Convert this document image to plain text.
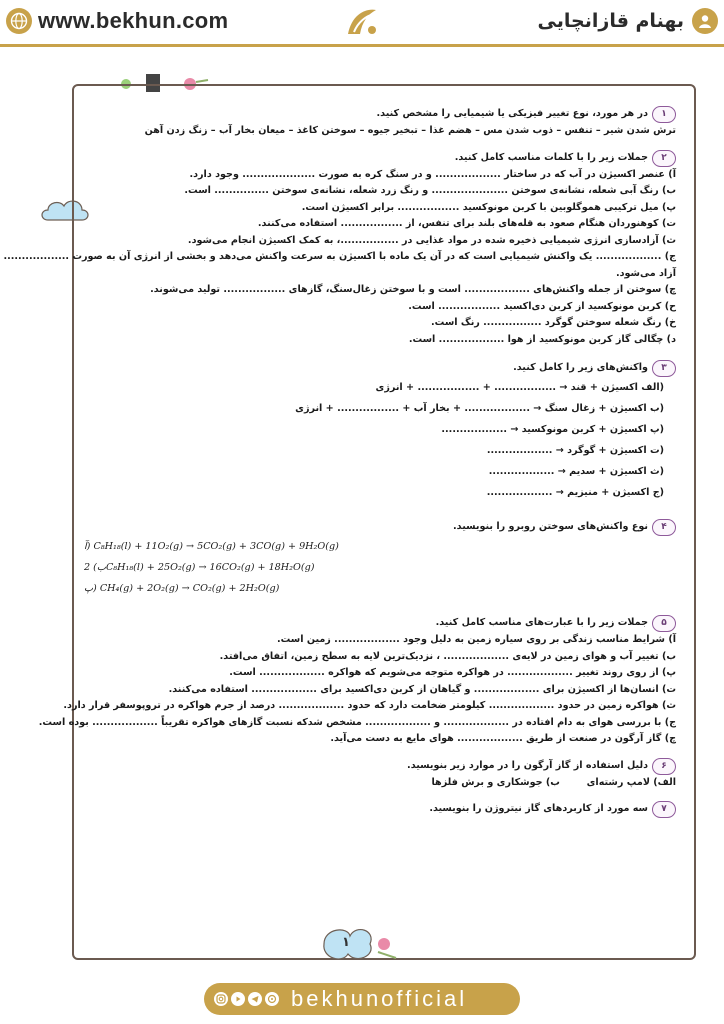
www.bekhun.com	بهنام قازانچایی
۱
در هر مورد، نوع تغییر فیزیکی یا شیمیایی را مشخص کنید.
ترش شدن شیر – تنفس – ذوب شدن مس – هضم غذا – تبخیر جیوه – سوختن کاغذ – میعان بخار آب – زنگ زدن آهن
۲
جملات زیر را با کلمات مناسب کامل کنید.
آ) عنصر اکسیژن در آب که در ساختار .................. و در سنگ کره به صورت .................... وجود دارد.
ب) رنگ آبی شعله، نشانه‌ی سوختن ..................... و رنگ زرد شعله، نشانه‌ی سوختن ............... است.
پ) میل ترکیبی هموگلوبین با کربن مونوکسید ................. برابر اکسیژن است.
ت) کوهنوردان هنگام صعود به قله‌های بلند برای تنفس، از ................. استفاده می‌کنند.
ث) آزادسازی انرژی شیمیایی ذخیره شده در مواد غذایی در ................، به کمک اکسیژن انجام می‌شود.
ج) .................. یک واکنش شیمیایی است که در آن یک ماده با اکسیژن به سرعت واکنش می‌دهد و بخشی از انرژی آن به صورت ..................
آزاد می‌شود.
چ) سوختن از جمله واکنش‌های .................. است و با سوختن زغال‌سنگ، گازهای ................. تولید می‌شوند.
ح) کربن مونوکسید از کربن دی‌اکسید ................. است.
خ) رنگ شعله سوختن گوگرد ................ رنگ است.
د) چگالی گاز کربن مونوکسید از هوا .................. است.
۳
واکنش‌های زیر را کامل کنید.
(الف اکسیژن + قند → ................. + ................. + انرژی
(ب اکسیژن + زغال سنگ → .................. + بخار آب + ................. + انرژی
(پ اکسیژن + کربن مونوکسید → ..................
(ت اکسیژن + گوگرد → ..................
(ث اکسیژن + سدیم → ..................
(ج اکسیژن + منیزیم → ..................
۴
نوع واکنش‌های سوختن روبرو را بنویسید.
آ) C₈H₁₈(l) + 11O₂(g) → 5CO₂(g) + 3CO(g) + 9H₂O(g)
ب) 2C₈H₁₈(l) + 25O₂(g) → 16CO₂(g) + 18H₂O(g)
پ) CH₄(g) + 2O₂(g) → CO₂(g) + 2H₂O(g)
۵
جملات زیر را با عبارت‌های مناسب کامل کنید.
آ) شرایط مناسب زندگی بر روی سیاره زمین به دلیل وجود .................. زمین است.
ب) تغییر آب و هوای زمین در لایه‌ی .................. ، نزدیک‌ترین لایه به سطح زمین، اتفاق می‌افتد.
پ) از روی روند تغییر .................. در هواکره متوجه می‌شویم که هواکره .................. است.
ت) انسان‌ها از اکسیژن برای .................. و گیاهان از کربن دی‌اکسید برای .................. استفاده می‌کنند.
ث) هواکره زمین در حدود .................. کیلومتر ضخامت دارد که حدود .................. درصد از جرم هواکره در تروپوسفر قرار دارد.
ج) با بررسی هوای به دام افتاده در .................. و .................. مشخص شدکه نسبت گازهای هواکره تقریباً .................. بوده است.
چ) گاز آرگون در صنعت از طریق .................. هوای مایع به دست می‌آید.
۶
دلیل استفاده از گاز آرگون را در موارد زیر بنویسید.
الف) لامپ رشته‌ای        ب) جوشکاری و برش فلزها
۷
سه مورد از کاربردهای گاز نیتروژن را بنویسید.
۱
bekhunofficial
